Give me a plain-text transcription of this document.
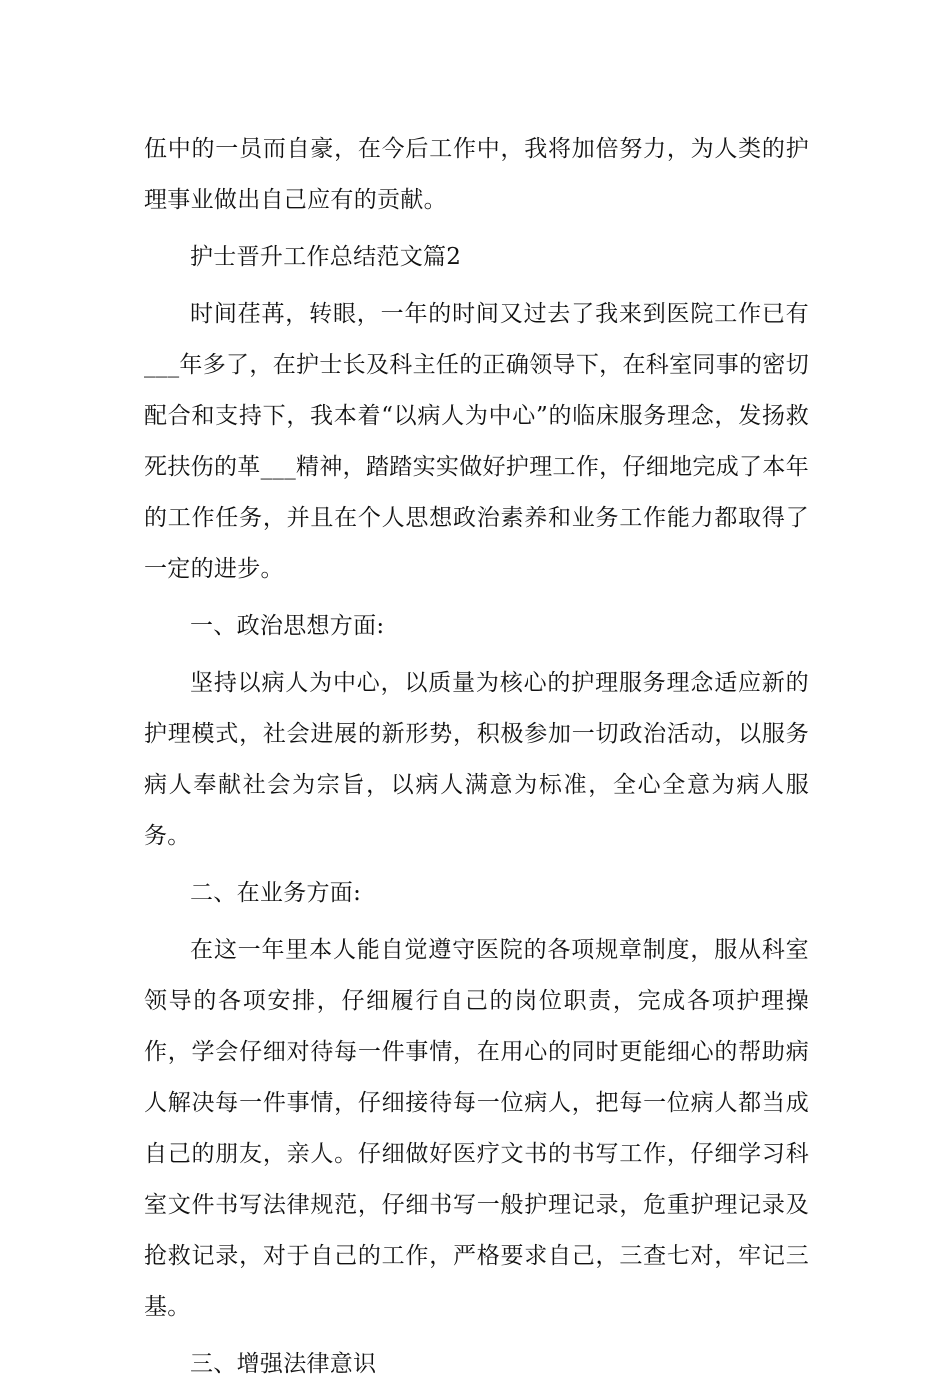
伍中的一员而自豪，在今后工作中，我将加倍努力，为人类的护理事业做出自己应有的贡献。

护士晋升工作总结范文篇2

时间荏苒，转眼，一年的时间又过去了我来到医院工作已有___年多了，在护士长及科主任的正确领导下，在科室同事的密切配合和支持下，我本着“以病人为中心”的临床服务理念，发扬救死扶伤的革___精神，踏踏实实做好护理工作，仔细地完成了本年的工作任务，并且在个人思想政治素养和业务工作能力都取得了一定的进步。

一、政治思想方面:

坚持以病人为中心，以质量为核心的护理服务理念适应新的护理模式，社会进展的新形势，积极参加一切政治活动，以服务病人奉献社会为宗旨，以病人满意为标准，全心全意为病人服务。

二、在业务方面:

在这一年里本人能自觉遵守医院的各项规章制度，服从科室领导的各项安排，仔细履行自己的岗位职责，完成各项护理操作，学会仔细对待每一件事情，在用心的同时更能细心的帮助病人解决每一件事情，仔细接待每一位病人，把每一位病人都当成自己的朋友，亲人。仔细做好医疗文书的书写工作，仔细学习科室文件书写法律规范，仔细书写一般护理记录，危重护理记录及抢救记录，对于自己的工作，严格要求自己，三查七对，牢记三基。

三、增强法律意识
